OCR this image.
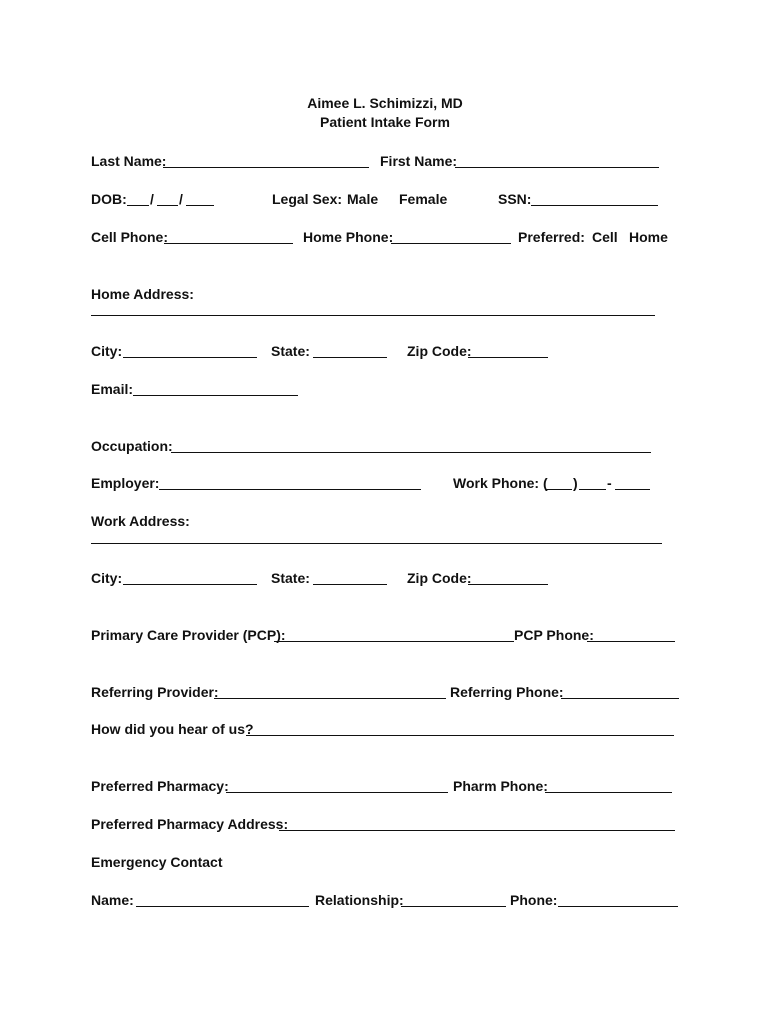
Aimee L. Schimizzi, MD
Patient Intake Form
Last Name:	First Name:
DOB: / /	Legal Sex: Male Female	SSN:
Cell Phone:	Home Phone:	Preferred: Cell Home
Home Address:
City:	State:	Zip Code:
Email:
Occupation:
Employer:	Work Phone: ( ) -
Work Address:
City:	State:	Zip Code:
Primary Care Provider (PCP):	PCP Phone:
Referring Provider:	Referring Phone:
How did you hear of us?
Preferred Pharmacy:	Pharm Phone:
Preferred Pharmacy Address:
Emergency Contact
Name:	Relationship:	Phone:
